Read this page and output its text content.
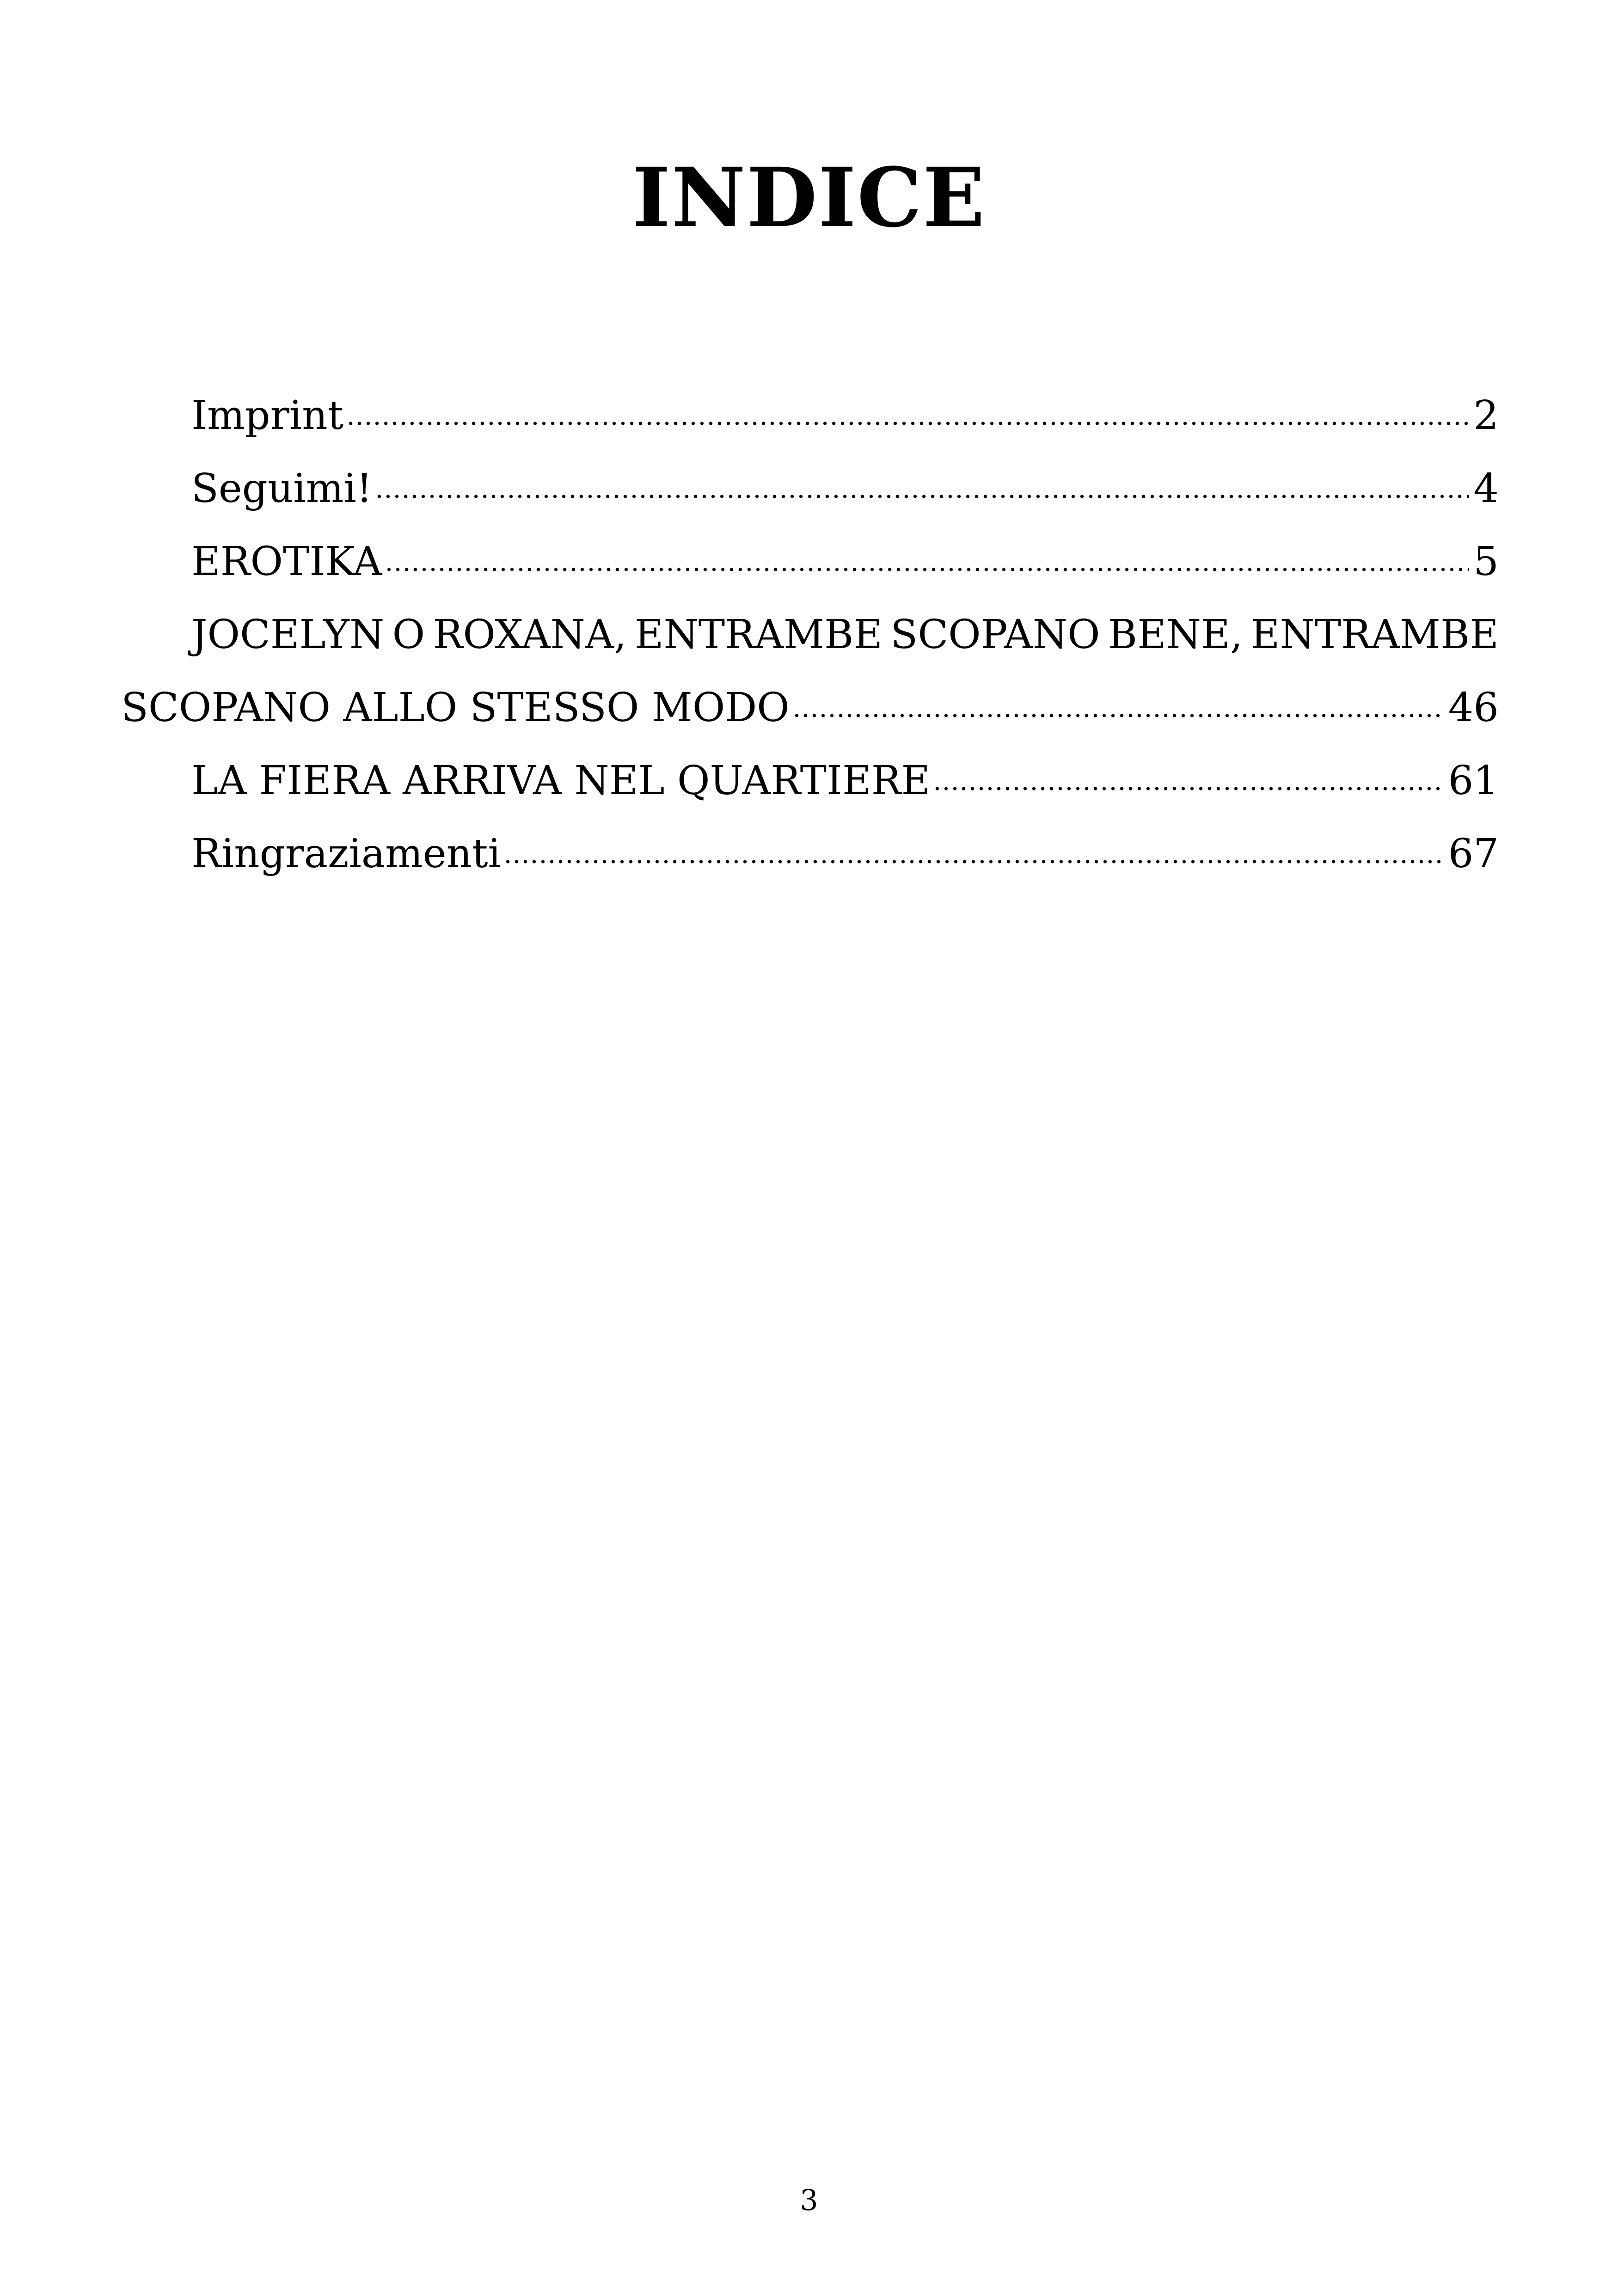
INDICE
Imprint	2
Seguimi!	4
EROTIKA	5
JOCELYN O ROXANA, ENTRAMBE SCOPANO BENE, ENTRAMBE
SCOPANO ALLO STESSO MODO	46
LA FIERA ARRIVA NEL QUARTIERE	61
Ringraziamenti	67
3
